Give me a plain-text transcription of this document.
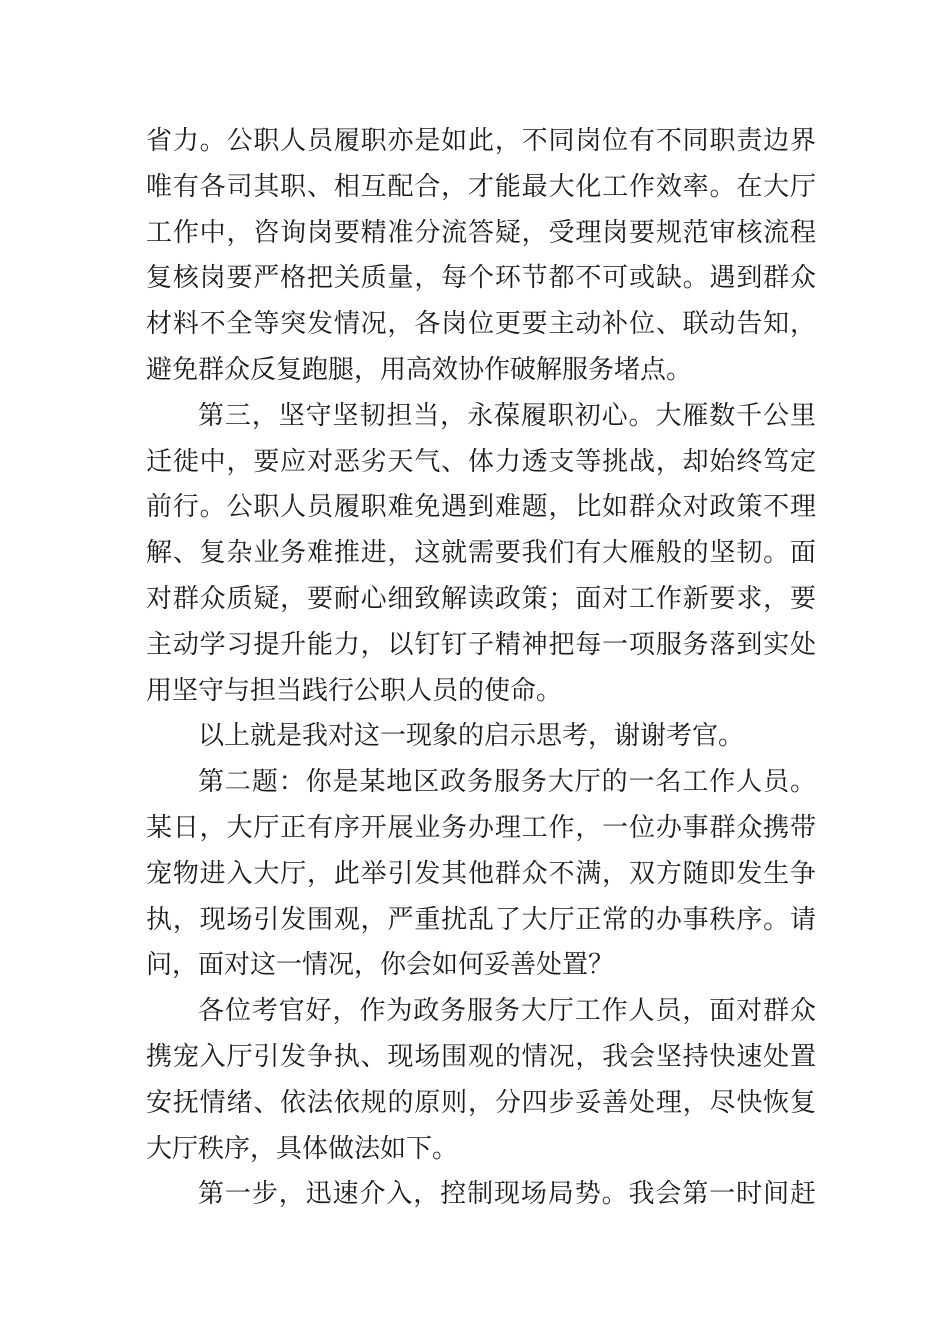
省力。公职人员履职亦是如此，不同岗位有不同职责边界
唯有各司其职、相互配合，才能最大化工作效率。在大厅
工作中，咨询岗要精准分流答疑，受理岗要规范审核流程
复核岗要严格把关质量，每个环节都不可或缺。遇到群众
材料不全等突发情况，各岗位更要主动补位、联动告知，
避免群众反复跑腿，用高效协作破解服务堵点。
第三，坚守坚韧担当，永葆履职初心。大雁数千公里
迁徙中，要应对恶劣天气、体力透支等挑战，却始终笃定
前行。公职人员履职难免遇到难题，比如群众对政策不理
解、复杂业务难推进，这就需要我们有大雁般的坚韧。面
对群众质疑，要耐心细致解读政策；面对工作新要求，要
主动学习提升能力，以钉钉子精神把每一项服务落到实处
用坚守与担当践行公职人员的使命。
以上就是我对这一现象的启示思考，谢谢考官。
第二题：你是某地区政务服务大厅的一名工作人员。
某日，大厅正有序开展业务办理工作，一位办事群众携带
宠物进入大厅，此举引发其他群众不满，双方随即发生争
执，现场引发围观，严重扰乱了大厅正常的办事秩序。请
问，面对这一情况，你会如何妥善处置？
各位考官好，作为政务服务大厅工作人员，面对群众
携宠入厅引发争执、现场围观的情况，我会坚持快速处置
安抚情绪、依法依规的原则，分四步妥善处理，尽快恢复
大厅秩序，具体做法如下。
第一步，迅速介入，控制现场局势。我会第一时间赶
